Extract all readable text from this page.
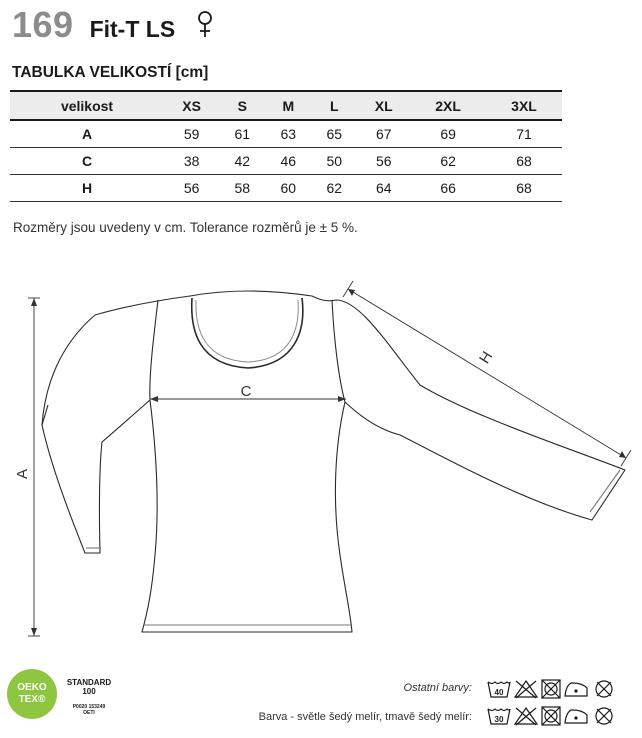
169 Fit-T LS
TABULKA VELIKOSTÍ [cm]
velikost	XS	S	M	L	XL	2XL	3XL
A	59	61	63	65	67	69	71
C	38	42	46	50	56	62	68
H	56	58	60	62	64	66	68
Rozměry jsou uvedeny v cm. Tolerance rozměrů je ± 5 %.
A
C
H
OEKO
TEX®
STANDARD
100
P0020 153249
OETI
Ostatní barvy:
Barva - světle šedý melír, tmavě šedý melír:
40
30
